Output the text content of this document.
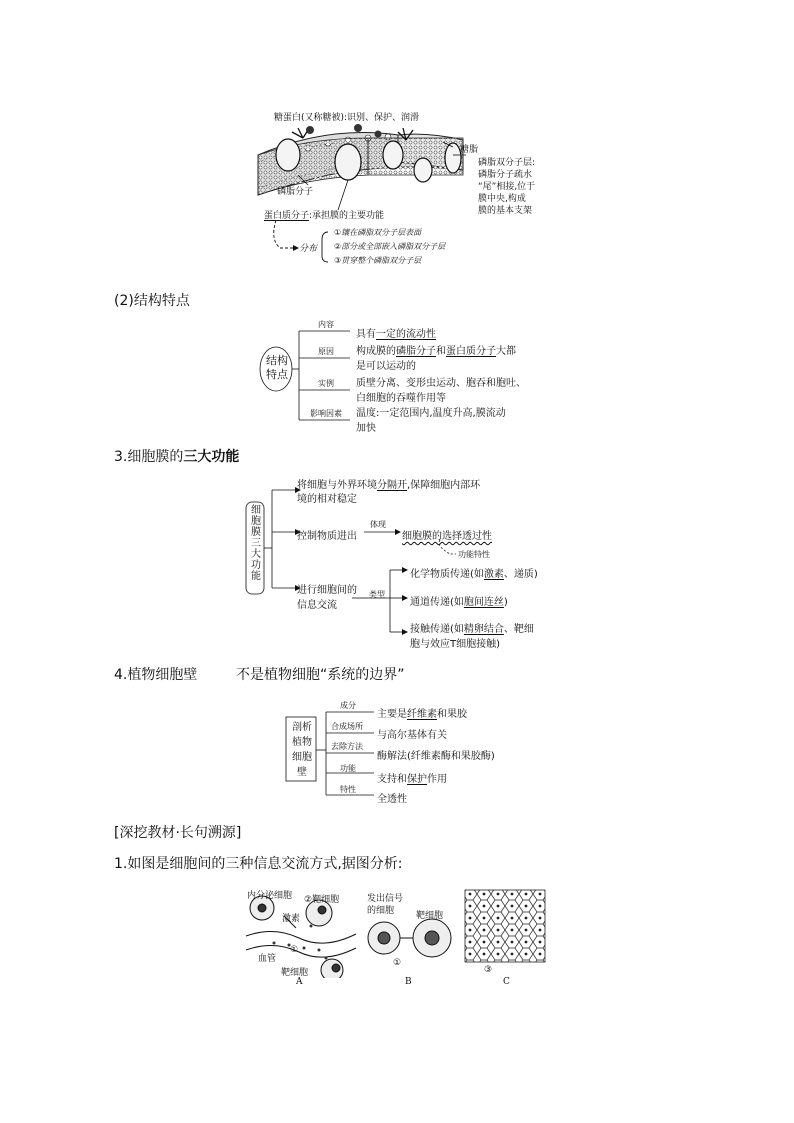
糖蛋白(又称糖被):识别、保护、润滑
糖脂
磷脂双分子层:
磷脂分子疏水
“尾”相接,位于
膜中央,构成
膜的基本支架
磷脂分子
蛋白质分子:承担膜的主要功能
分布
①镶在磷脂双分子层表面
②部分或全部嵌入磷脂双分子层
③贯穿整个磷脂双分子层
(2)结构特点
结构
特点
内容
原因
实例
影响因素
具有一定的流动性
构成膜的磷脂分子和蛋白质分子大都
是可以运动的
质壁分离、变形虫运动、胞吞和胞吐、
白细胞的吞噬作用等
温度:一定范围内,温度升高,膜流动
加快
3.细胞膜的三大功能
细
胞
膜
三
大
功
能
将细胞与外界环境分隔开,保障细胞内部环
境的相对稳定
控制物质进出
体现
细胞膜的选择透过性
功能特性
进行细胞间的
信息交流
类型
化学物质传递(如激素、递质)
通道传递(如胞间连丝)
接触传递(如精卵结合、靶细
胞与效应T细胞接触)
4.植物细胞壁	不是植物细胞“系统的边界”
剖析
植物
细胞
壁
成分
合成场所
去除方法
功能
特性
主要是纤维素和果胶
与高尔基体有关
酶解法(纤维素酶和果胶酶)
支持和保护作用
全透性
[深挖教材·长句溯源]
1.如图是细胞间的三种信息交流方式,据图分析:
内分泌细胞 ②靶细胞
激素
①
血管
靶细胞
A
发出信号
的细胞	靶细胞
①
B
③
C
